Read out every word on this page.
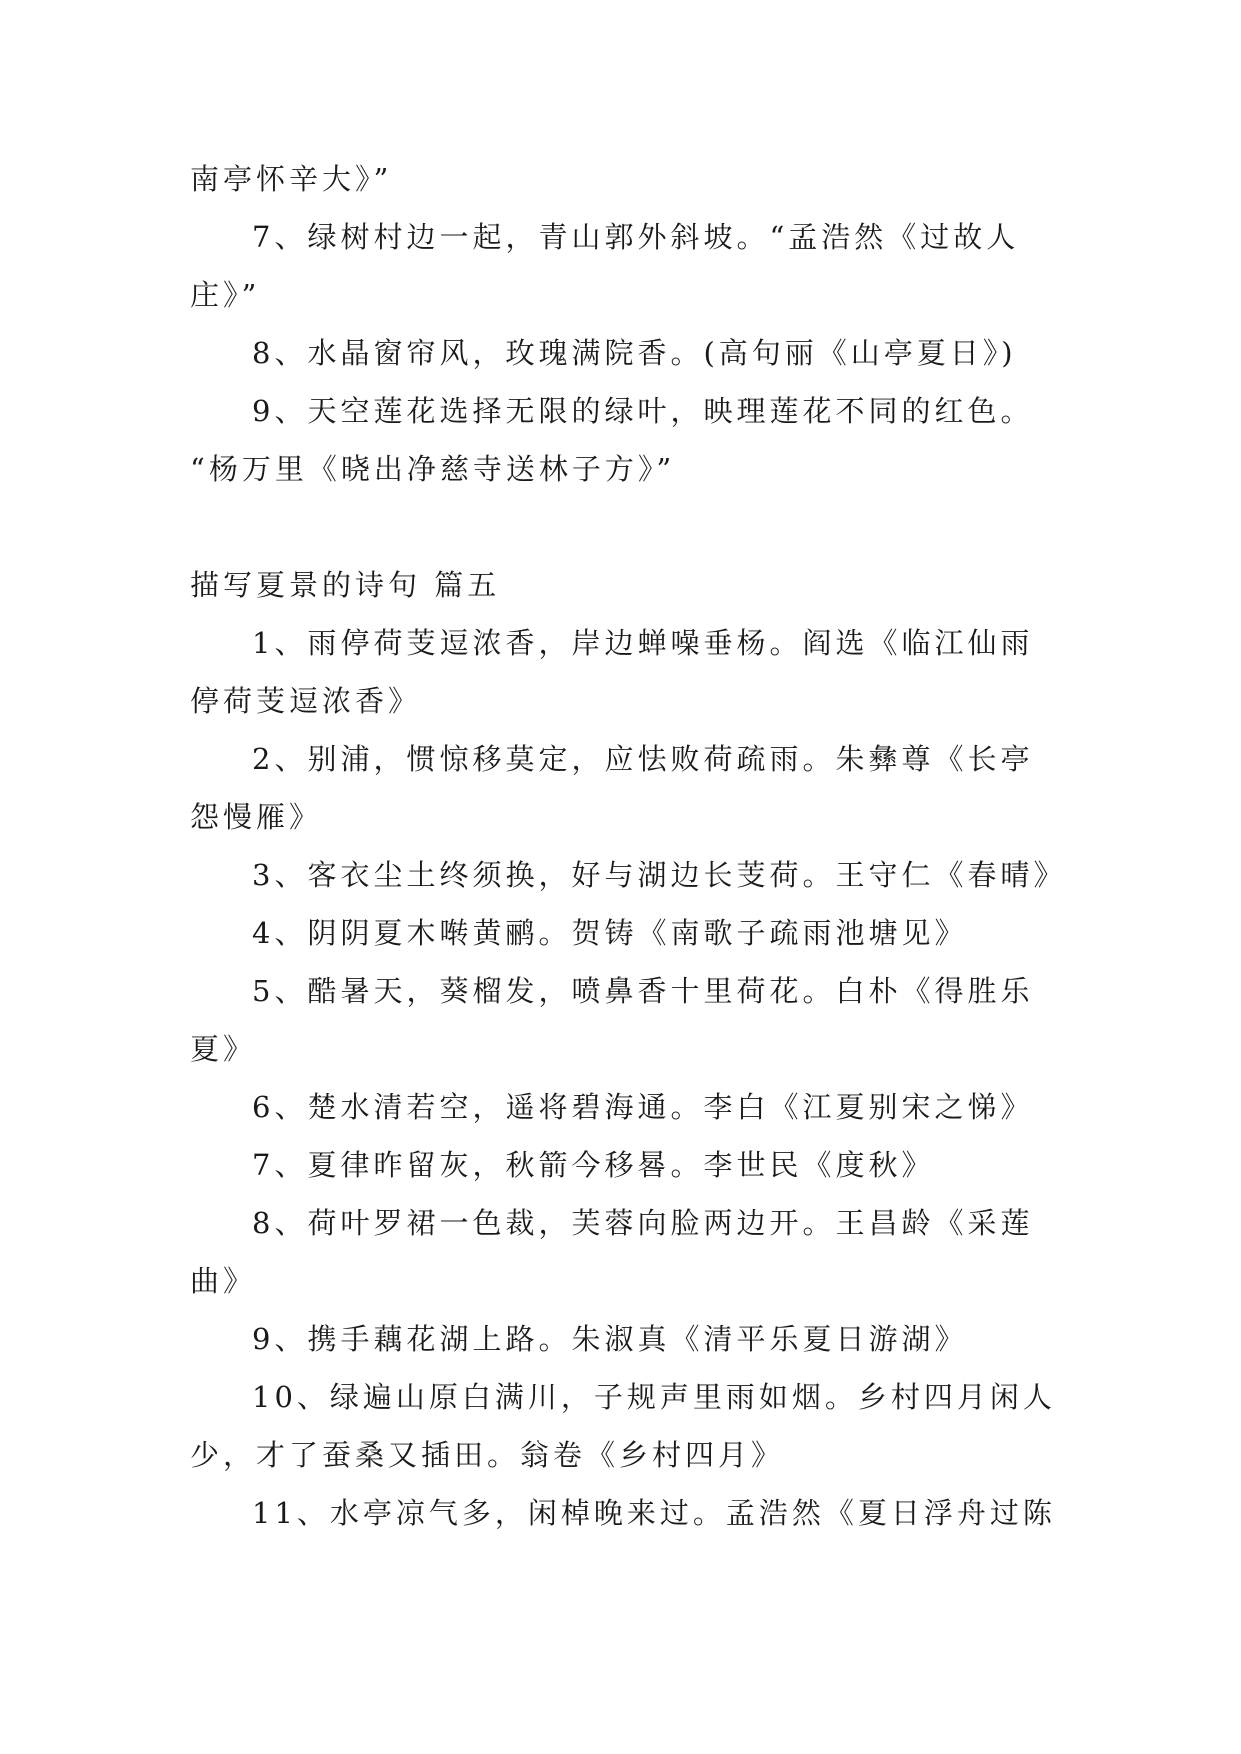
南亭怀辛大》”
7、绿树村边一起，青山郭外斜坡。“孟浩然《过故人
庄》”
8、水晶窗帘风，玫瑰满院香。(高句丽《山亭夏日》)
9、天空莲花选择无限的绿叶，映理莲花不同的红色。
“杨万里《晓出净慈寺送林子方》”
描写夏景的诗句 篇五
1、雨停荷芰逗浓香，岸边蝉噪垂杨。阎选《临江仙雨
停荷芰逗浓香》
2、别浦，惯惊移莫定，应怯败荷疏雨。朱彝尊《长亭
怨慢雁》
3、客衣尘土终须换，好与湖边长芰荷。王守仁《春晴》
4、阴阴夏木啭黄鹂。贺铸《南歌子疏雨池塘见》
5、酷暑天，葵榴发，喷鼻香十里荷花。白朴《得胜乐
夏》
6、楚水清若空，遥将碧海通。李白《江夏别宋之悌》
7、夏律昨留灰，秋箭今移晷。李世民《度秋》
8、荷叶罗裙一色裁，芙蓉向脸两边开。王昌龄《采莲
曲》
9、携手藕花湖上路。朱淑真《清平乐夏日游湖》
10、绿遍山原白满川，子规声里雨如烟。乡村四月闲人
少，才了蚕桑又插田。翁卷《乡村四月》
11、水亭凉气多，闲棹晚来过。孟浩然《夏日浮舟过陈
